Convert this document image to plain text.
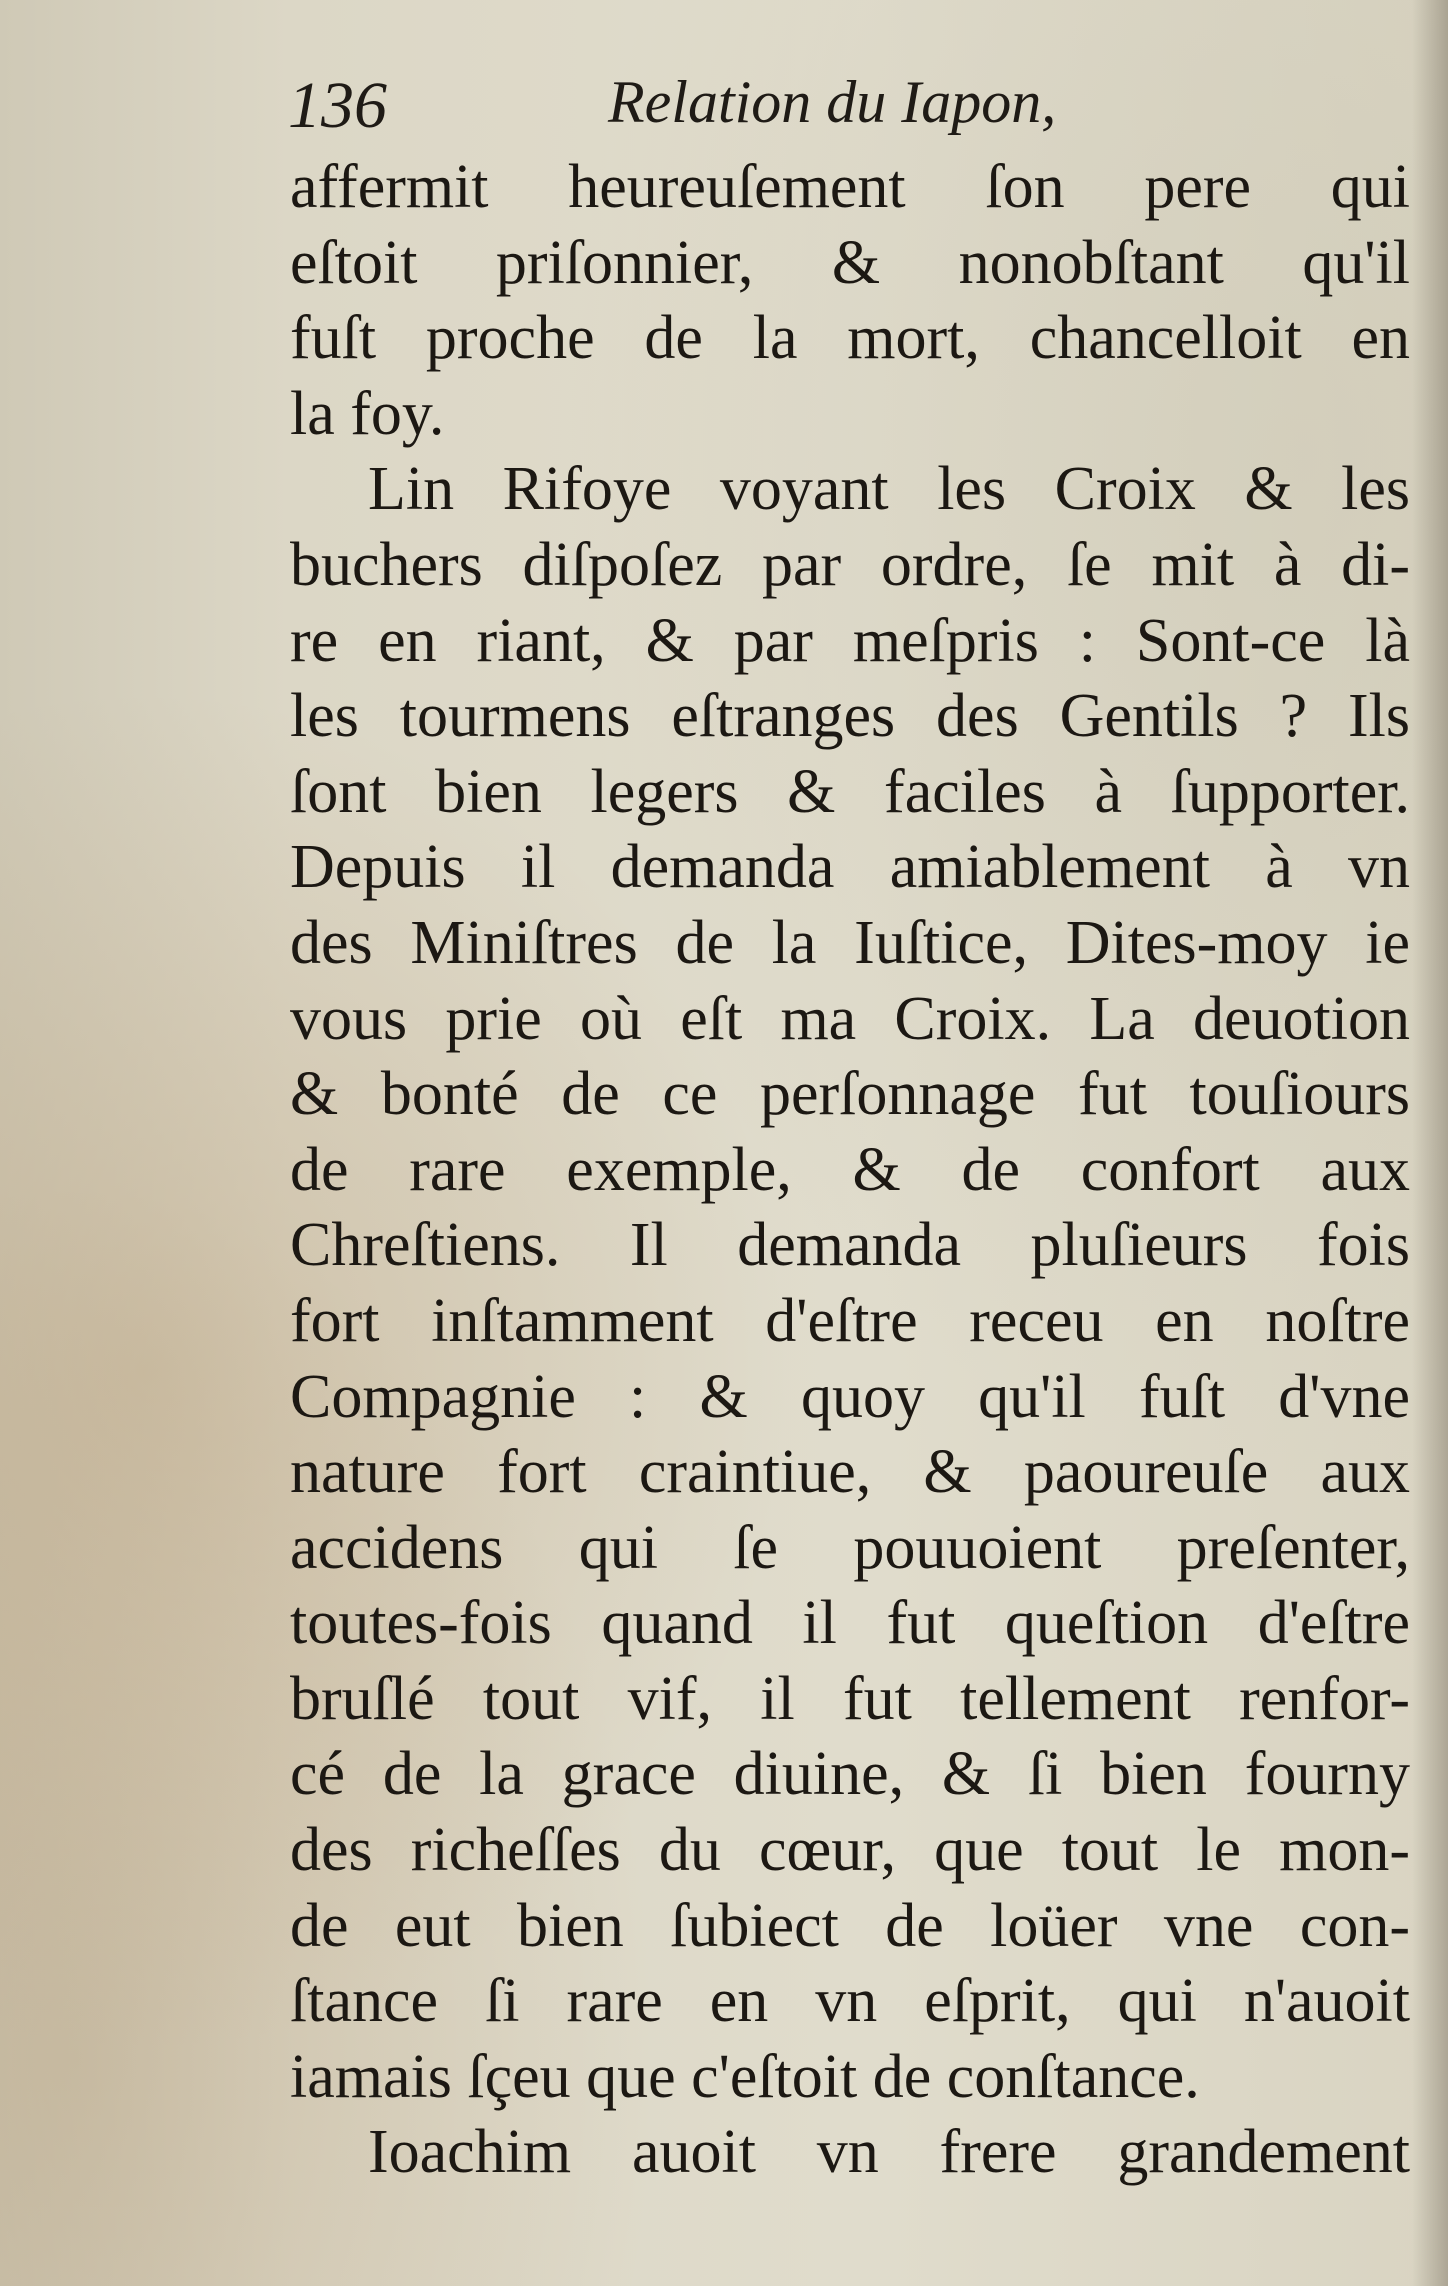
136	Relation du Iapon,
affermit heureuſement ſon pere qui
eſtoit priſonnier, & nonobſtant qu'il
fuſt proche de la mort, chancelloit en
la foy.
Lin Rifoye voyant les Croix & les
buchers diſpoſez par ordre, ſe mit à di-
re en riant, & par meſpris : Sont-ce là
les tourmens eſtranges des Gentils ? Ils
ſont bien legers & faciles à ſupporter.
Depuis il demanda amiablement à vn
des Miniſtres de la Iuſtice, Dites-moy ie
vous prie où eſt ma Croix. La deuotion
& bonté de ce perſonnage fut touſiours
de rare exemple, & de confort aux
Chreſtiens. Il demanda pluſieurs fois
fort inſtamment d'eſtre receu en noſtre
Compagnie : & quoy qu'il fuſt d'vne
nature fort craintiue, & paoureuſe aux
accidens qui ſe pouuoient preſenter,
toutes-fois quand il fut queſtion d'eſtre
bruſlé tout vif, il fut tellement renfor-
cé de la grace diuine, & ſi bien fourny
des richeſſes du cœur, que tout le mon-
de eut bien ſubiect de loüer vne con-
ſtance ſi rare en vn eſprit, qui n'auoit
iamais ſçeu que c'eſtoit de conſtance.
Ioachim auoit vn frere grandement
